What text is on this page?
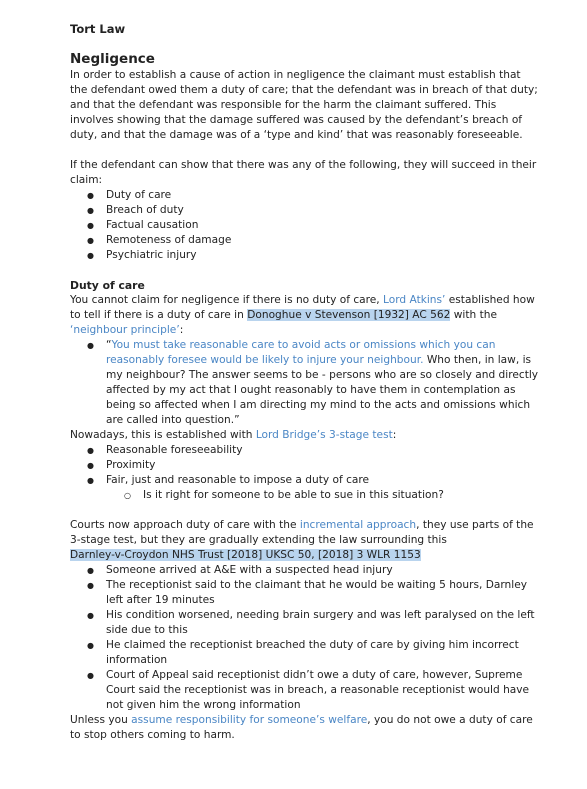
Tort Law
Negligence

In order to establish a cause of action in negligence the claimant must establish that the defendant owed them a duty of care; that the defendant was in breach of that duty; and that the defendant was responsible for the harm the claimant suffered. This involves showing that the damage suffered was caused by the defendant’s breach of duty, and that the damage was of a ‘type and kind’ that was reasonably foreseeable.

If the defendant can show that there was any of the following, they will succeed in their claim:

● Duty of care
● Breach of duty
● Factual causation
● Remoteness of damage
● Psychiatric injury
Duty of care

You cannot claim for negligence if there is no duty of care, Lord Atkins’ established how to tell if there is a duty of care in Donoghue v Stevenson [1932] AC 562 with the ‘neighbour principle’:

● “You must take reasonable care to avoid acts or omissions which you can reasonably foresee would be likely to injure your neighbour. Who then, in law, is my neighbour? The answer seems to be - persons who are so closely and directly affected by my act that I ought reasonably to have them in contemplation as being so affected when I am directing my mind to the acts and omissions which are called into question.”

Nowadays, this is established with Lord Bridge’s 3-stage test:

● Reasonable foreseeability
● Proximity
● Fair, just and reasonable to impose a duty of care
○ Is it right for someone to be able to sue in this situation?

Courts now approach duty of care with the incremental approach, they use parts of the 3-stage test, but they are gradually extending the law surrounding this

Darnley-v-Croydon NHS Trust [2018] UKSC 50, [2018] 3 WLR 1153

● Someone arrived at A&E with a suspected head injury
● The receptionist said to the claimant that he would be waiting 5 hours, Darnley left after 19 minutes
● His condition worsened, needing brain surgery and was left paralysed on the left side due to this
● He claimed the receptionist breached the duty of care by giving him incorrect information
● Court of Appeal said receptionist didn’t owe a duty of care, however, Supreme Court said the receptionist was in breach, a reasonable receptionist would have not given him the wrong information

Unless you assume responsibility for someone’s welfare, you do not owe a duty of care to stop others coming to harm.
